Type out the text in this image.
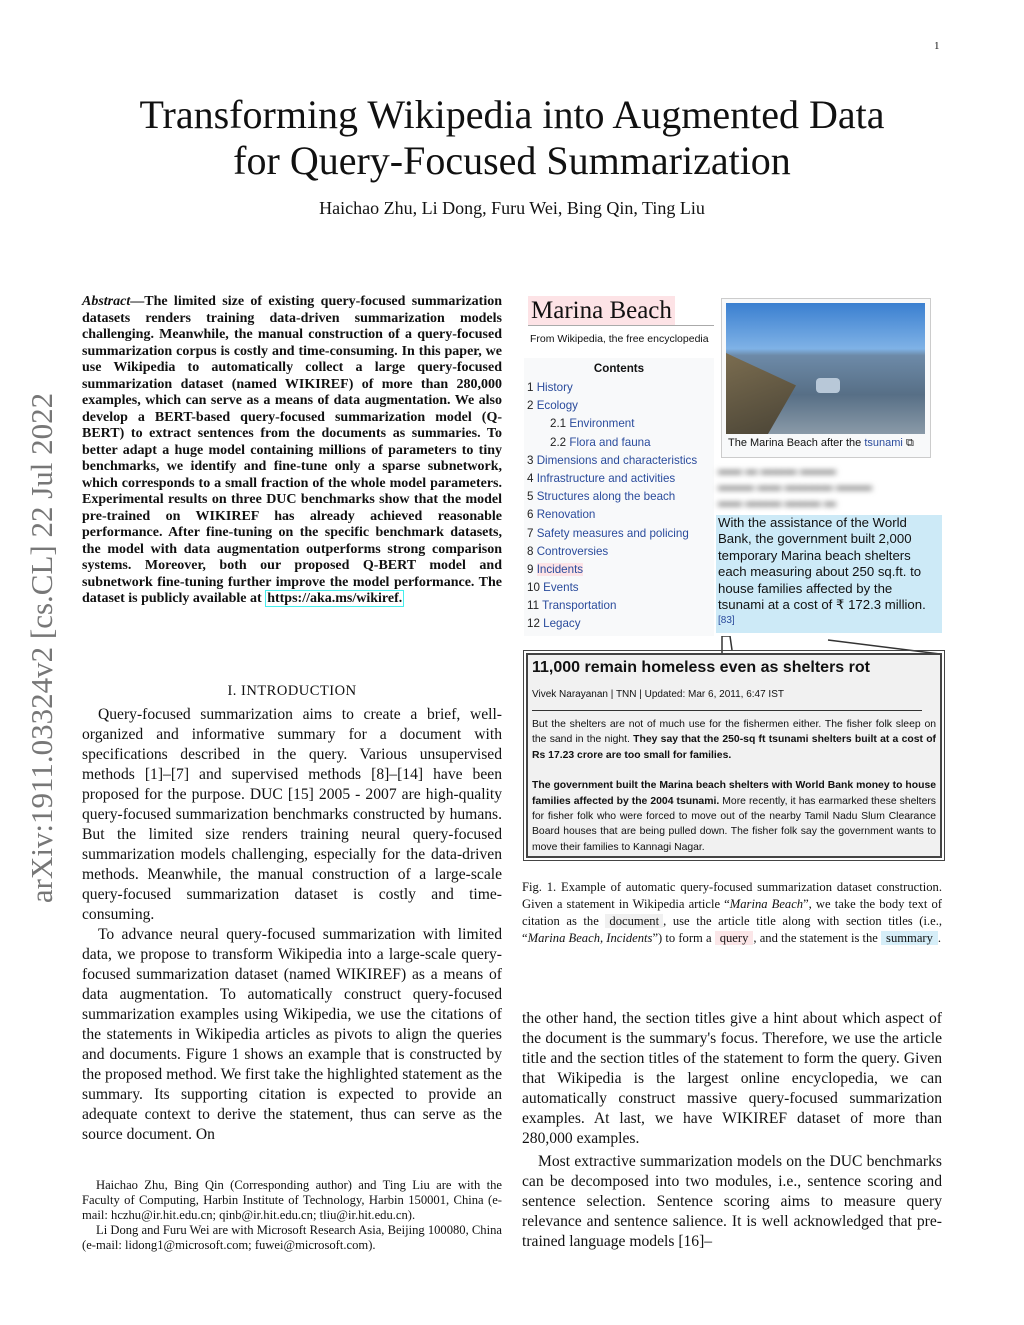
1
arXiv:1911.03324v2 [cs.CL] 22 Jul 2022
Transforming Wikipedia into Augmented Data
for Query-Focused Summarization
Haichao Zhu, Li Dong, Furu Wei, Bing Qin, Ting Liu
Abstract—The limited size of existing query-focused summarization datasets renders training data-driven summarization models challenging. Meanwhile, the manual construction of a query-focused summarization corpus is costly and time-consuming. In this paper, we use Wikipedia to automatically collect a large query-focused summarization dataset (named WIKIREF) of more than 280,000 examples, which can serve as a means of data augmentation. We also develop a BERT-based query-focused summarization model (Q-BERT) to extract sentences from the documents as summaries. To better adapt a huge model containing millions of parameters to tiny benchmarks, we identify and fine-tune only a sparse subnetwork, which corresponds to a small fraction of the whole model parameters. Experimental results on three DUC benchmarks show that the model pre-trained on WIKIREF has already achieved reasonable performance. After fine-tuning on the specific benchmark datasets, the model with data augmentation outperforms strong comparison systems. Moreover, both our proposed Q-BERT model and subnetwork fine-tuning further improve the model performance. The dataset is publicly available at https://aka.ms/wikiref.
I. INTRODUCTION

Query-focused summarization aims to create a brief, well-organized and informative summary for a document with specifications described in the query. Various unsupervised methods [1]–[7] and supervised methods [8]–[14] have been proposed for the purpose. DUC [15] 2005 - 2007 are high-quality query-focused summarization benchmarks constructed by humans. But the limited size renders training neural query-focused summarization models challenging, especially for the data-driven methods. Meanwhile, the manual construction of a large-scale query-focused summarization dataset is costly and time-consuming.

To advance neural query-focused summarization with limited data, we propose to transform Wikipedia into a large-scale query-focused summarization dataset (named WIKIREF) as a means of data augmentation. To automatically construct query-focused summarization examples using Wikipedia, we use the citations of the statements in Wikipedia articles as pivots to align the queries and documents. Figure 1 shows an example that is constructed by the proposed method. We first take the highlighted statement as the summary. Its supporting citation is expected to provide an adequate context to derive the statement, thus can serve as the source document. On

Haichao Zhu, Bing Qin (Corresponding author) and Ting Liu are with the Faculty of Computing, Harbin Institute of Technology, Harbin 150001, China (e-mail: hczhu@ir.hit.edu.cn; qinb@ir.hit.edu.cn; tliu@ir.hit.edu.cn).

Li Dong and Furu Wei are with Microsoft Research Asia, Beijing 100080, China (e-mail: lidong1@microsoft.com; fuwei@microsoft.com).

the other hand, the section titles give a hint about which aspect of the document is the summary's focus. Therefore, we use the article title and the section titles of the statement to form the query. Given that Wikipedia is the largest online encyclopedia, we can automatically construct massive query-focused summarization examples. At last, we have WIKIREF dataset of more than 280,000 examples.

Most extractive summarization models on the DUC benchmarks can be decomposed into two modules, i.e., sentence scoring and sentence selection. Sentence scoring aims to measure query relevance and sentence salience. It is well acknowledged that pre-trained language models [16]–

Marina Beach
From Wikipedia, the free encyclopedia
Contents
1 History
2 Ecology
2.1 Environment
2.2 Flora and fauna
3 Dimensions and characteristics
4 Infrastructure and activities
5 Structures along the beach
6 Renovation
7 Safety measures and policing
8 Controversies
9 Incidents
10 Events
11 Transportation
12 Legacy
The Marina Beach after the tsunami ⧉
▬▬ ▬ ▬▬▬ ▬▬▬
▬▬▬ ▬▬ ▬▬▬▬ ▬▬▬
▬▬ ▬▬▬ ▬▬▬ ▬
With the assistance of the World Bank, the government built 2,000 temporary Marina beach shelters each measuring about 250 sq.ft. to house families affected by the tsunami at a cost of ₹ 172.3 million.[83]
11,000 remain homeless even as shelters rot
Vivek Narayanan | TNN | Updated: Mar 6, 2011, 6:47 IST

But the shelters are not of much use for the fishermen either. The fisher folk sleep on the sand in the night. They say that the 250-sq ft tsunami shelters built at a cost of Rs 17.23 crore are too small for families.

The government built the Marina beach shelters with World Bank money to house families affected by the 2004 tsunami. More recently, it has earmarked these shelters for fisher folk who were forced to move out of the nearby Tamil Nadu Slum Clearance Board houses that are being pulled down. The fisher folk say the government wants to move their families to Kannagi Nagar.

Fig. 1. Example of automatic query-focused summarization dataset construction. Given a statement in Wikipedia article “Marina Beach”, we take the body text of citation as the document , use the article title along with section titles (i.e., “Marina Beach, Incidents”) to form a query , and the statement is the summary .
